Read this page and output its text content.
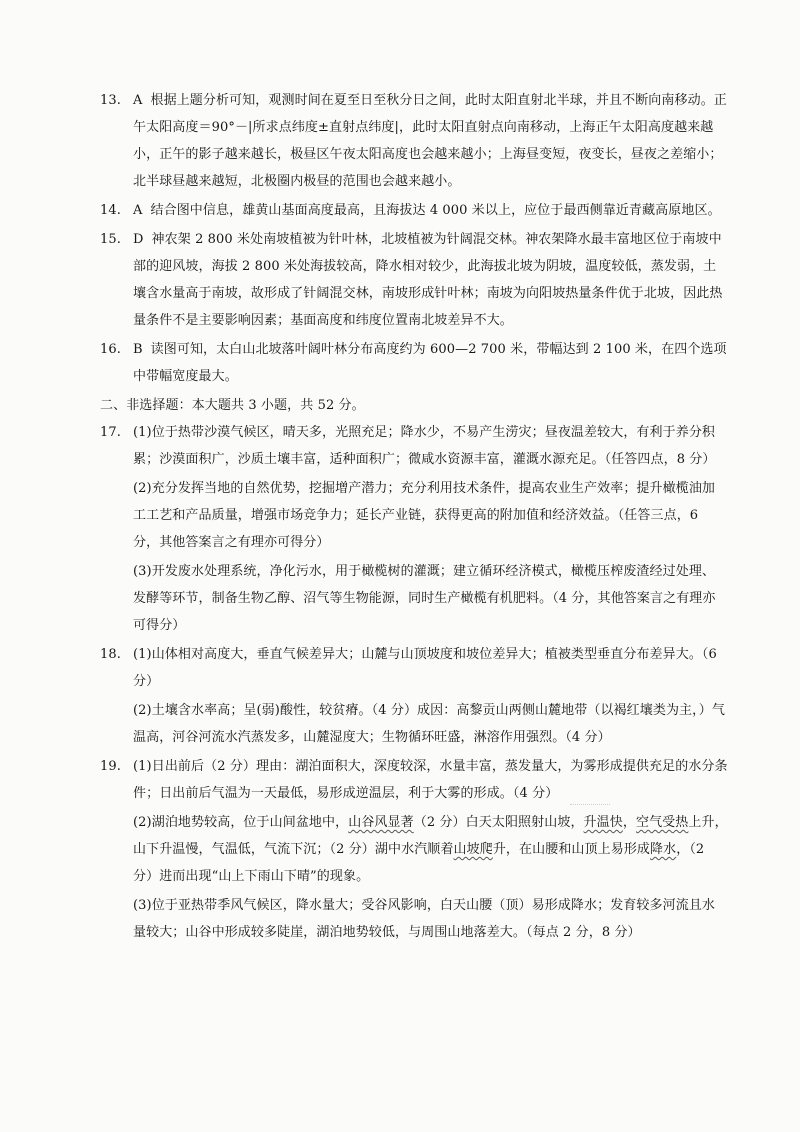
13. A 根据上题分析可知，观测时间在夏至日至秋分日之间，此时太阳直射北半球，并且不断向南移动。正午太阳高度＝90°－|所求点纬度±直射点纬度|，此时太阳直射点向南移动，上海正午太阳高度越来越小，正午的影子越来越长，极昼区午夜太阳高度也会越来越小；上海昼变短，夜变长，昼夜之差缩小；北半球昼越来越短，北极圈内极昼的范围也会越来越小。
14. A 结合图中信息，雄黄山基面高度最高，且海拔达 4 000 米以上，应位于最西侧靠近青藏高原地区。
15. D 神农架 2 800 米处南坡植被为针叶林，北坡植被为针阔混交林。神农架降水最丰富地区位于南坡中部的迎风坡，海拔 2 800 米处海拔较高，降水相对较少，此海拔北坡为阴坡，温度较低，蒸发弱，土壤含水量高于南坡，故形成了针阔混交林，南坡形成针叶林；南坡为向阳坡热量条件优于北坡，因此热量条件不是主要影响因素；基面高度和纬度位置南北坡差异不大。
16. B 读图可知，太白山北坡落叶阔叶林分布高度约为 600—2 700 米，带幅达到 2 100 米，在四个选项中带幅宽度最大。
二、非选择题：本大题共 3 小题，共 52 分。
17. (1)位于热带沙漠气候区，晴天多，光照充足；降水少，不易产生涝灾；昼夜温差较大，有利于养分积累；沙漠面积广，沙质土壤丰富，适种面积广；微咸水资源丰富，灌溉水源充足。（任答四点，8 分）
(2)充分发挥当地的自然优势，挖掘增产潜力；充分利用技术条件，提高农业生产效率；提升橄榄油加工工艺和产品质量，增强市场竞争力；延长产业链，获得更高的附加值和经济效益。（任答三点，6 分，其他答案言之有理亦可得分）
(3)开发废水处理系统，净化污水，用于橄榄树的灌溉；建立循环经济模式，橄榄压榨废渣经过处理、发酵等环节，制备生物乙醇、沼气等生物能源，同时生产橄榄有机肥料。（4 分，其他答案言之有理亦可得分）
18. (1)山体相对高度大，垂直气候差异大；山麓与山顶坡度和坡位差异大；植被类型垂直分布差异大。（6 分）
(2)土壤含水率高；呈(弱)酸性，较贫瘠。（4 分）成因：高黎贡山两侧山麓地带（以褐红壤类为主，）气温高，河谷河流水汽蒸发多，山麓湿度大；生物循环旺盛，淋溶作用强烈。（4 分）
19. (1)日出前后（2 分）理由：湖泊面积大，深度较深，水量丰富，蒸发量大，为雾形成提供充足的水分条件；日出前后气温为一天最低，易形成逆温层，利于大雾的形成。（4 分）
(2)湖泊地势较高，位于山间盆地中，山谷风显著（2 分）白天太阳照射山坡，升温快，空气受热上升，山下升温慢，气温低，气流下沉；（2 分）湖中水汽顺着山坡爬升，在山腰和山顶上易形成降水，（2 分）进而出现“山上下雨山下晴”的现象。
(3)位于亚热带季风气候区，降水量大；受谷风影响，白天山腰（顶）易形成降水；发育较多河流且水量较大；山谷中形成较多陡崖，湖泊地势较低，与周围山地落差大。（每点 2 分，8 分）
